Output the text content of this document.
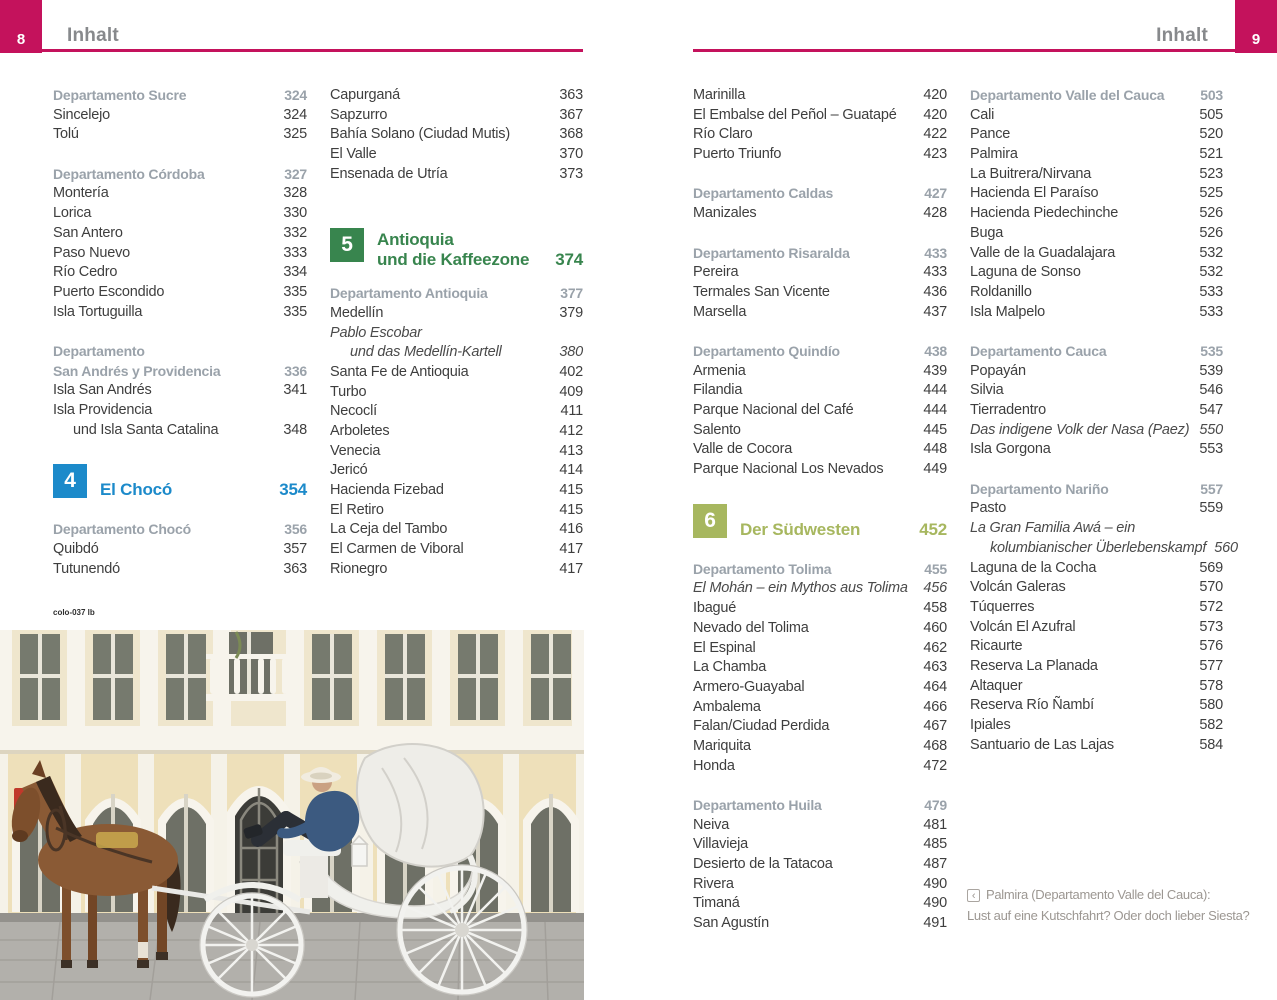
8	Inhalt	Inhalt	9
Departamento Sucre	324
Sincelejo	324
Tolú	325
Departamento Córdoba	327
Montería	328
Lorica	330
San Antero	332
Paso Nuevo	333
Río Cedro	334
Puerto Escondido	335
Isla Tortuguilla	335
Departamento
San Andrés y Providencia	336
Isla San Andrés	341
Isla Providencia
und Isla Santa Catalina	348
4	El Chocó	354
Departamento Chocó	356
Quibdó	357
Tutunendó	363
Capurganá	363
Sapzurro	367
Bahía Solano (Ciudad Mutis)	368
El Valle	370
Ensenada de Utría	373
5	Antioquia
und die Kaffeezone 374
Departamento Antioquia	377
Medellín	379
Pablo Escobar
und das Medellín-Kartell	380
Santa Fe de Antioquia	402
Turbo	409
Necoclí	411
Arboletes	412
Venecia	413
Jericó	414
Hacienda Fizebad	415
El Retiro	415
La Ceja del Tambo	416
El Carmen de Viboral	417
Rionegro	417
Marinilla	420
El Embalse del Peñol – Guatapé	420
Río Claro	422
Puerto Triunfo	423
Departamento Caldas	427
Manizales	428
Departamento Risaralda	433
Pereira	433
Termales San Vicente	436
Marsella	437
Departamento Quindío	438
Armenia	439
Filandia	444
Parque Nacional del Café	444
Salento	445
Valle de Cocora	448
Parque Nacional Los Nevados	449
6	Der Südwesten	452
Departamento Tolima	455
El Mohán – ein Mythos aus Tolima	456
Ibagué	458
Nevado del Tolima	460
El Espinal	462
La Chamba	463
Armero-Guayabal	464
Ambalema	466
Falan/Ciudad Perdida	467
Mariquita	468
Honda	472
Departamento Huila	479
Neiva	481
Villavieja	485
Desierto de la Tatacoa	487
Rivera	490
Timaná	490
San Agustín	491
Departamento Valle del Cauca	503
Cali	505
Pance	520
Palmira	521
La Buitrera/Nirvana	523
Hacienda El Paraíso	525
Hacienda Piedechinche	526
Buga	526
Valle de la Guadalajara	532
Laguna de Sonso	532
Roldanillo	533
Isla Malpelo	533
Departamento Cauca	535
Popayán	539
Silvia	546
Tierradentro	547
Das indigene Volk der Nasa (Paez) 550
Isla Gorgona	553
Departamento Nariño	557
Pasto	559
La Gran Familia Awá – ein
kolumbianischer Überlebenskampf 560
Laguna de la Cocha	569
Volcán Galeras	570
Túquerres	572
Volcán El Azufral	573
Ricaurte	576
Reserva La Planada	577
Altaquer	578
Reserva Río Ñambí	580
Ipiales	582
Santuario de Las Lajas	584
colo-037 lb
‹ Palmira (Departamento Valle del Cauca):
Lust auf eine Kutschfahrt? Oder doch lieber Siesta?
